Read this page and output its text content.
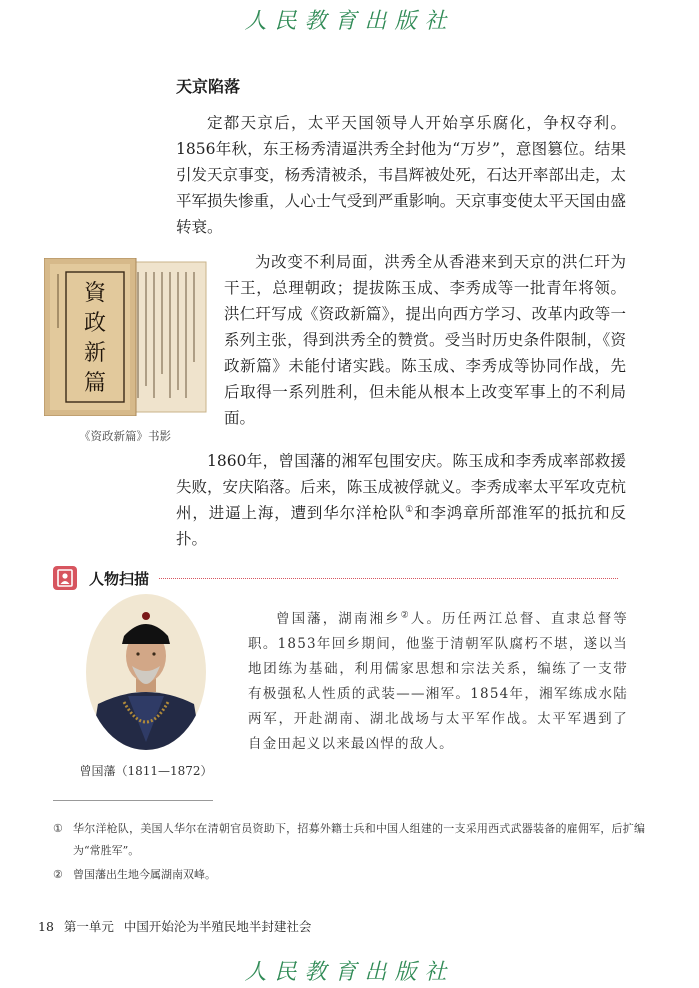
人民教育出版社
天京陷落

定都天京后，太平天国领导人开始享乐腐化，争权夺利。1856年秋，东王杨秀清逼洪秀全封他为“万岁”，意图篡位。结果引发天京事变，杨秀清被杀，韦昌辉被处死，石达开率部出走，太平军损失惨重，人心士气受到严重影响。天京事变使太平天国由盛转衰。

資
政
新
篇
《资政新篇》书影

为改变不利局面，洪秀全从香港来到天京的洪仁玕为干王，总理朝政；提拔陈玉成、李秀成等一批青年将领。洪仁玕写成《资政新篇》，提出向西方学习、改革内政等一系列主张，得到洪秀全的赞赏。受当时历史条件限制，《资政新篇》未能付诸实践。陈玉成、李秀成等协同作战，先后取得一系列胜利，但未能从根本上改变军事上的不利局面。

1860年，曾国藩的湘军包围安庆。陈玉成和李秀成率部救援失败，安庆陷落。后来，陈玉成被俘就义。李秀成率太平军攻克杭州，进逼上海，遭到华尔洋枪队①和李鸿章所部淮军的抵抗和反扑。

人物扫描
曾国藩（1811—1872）

曾国藩，湖南湘乡②人。历任两江总督、直隶总督等职。1853年回乡期间，他鉴于清朝军队腐朽不堪，遂以当地团练为基础，利用儒家思想和宗法关系，编练了一支带有极强私人性质的武装——湘军。1854年，湘军练成水陆两军，开赴湖南、湖北战场与太平军作战。太平军遇到了自金田起义以来最凶悍的敌人。

① 华尔洋枪队，美国人华尔在清朝官员资助下，招募外籍士兵和中国人组建的一支采用西式武器装备的雇佣军，后扩编为“常胜军”。
② 曾国藩出生地今属湖南双峰。
18 第一单元 中国开始沦为半殖民地半封建社会
人民教育出版社
